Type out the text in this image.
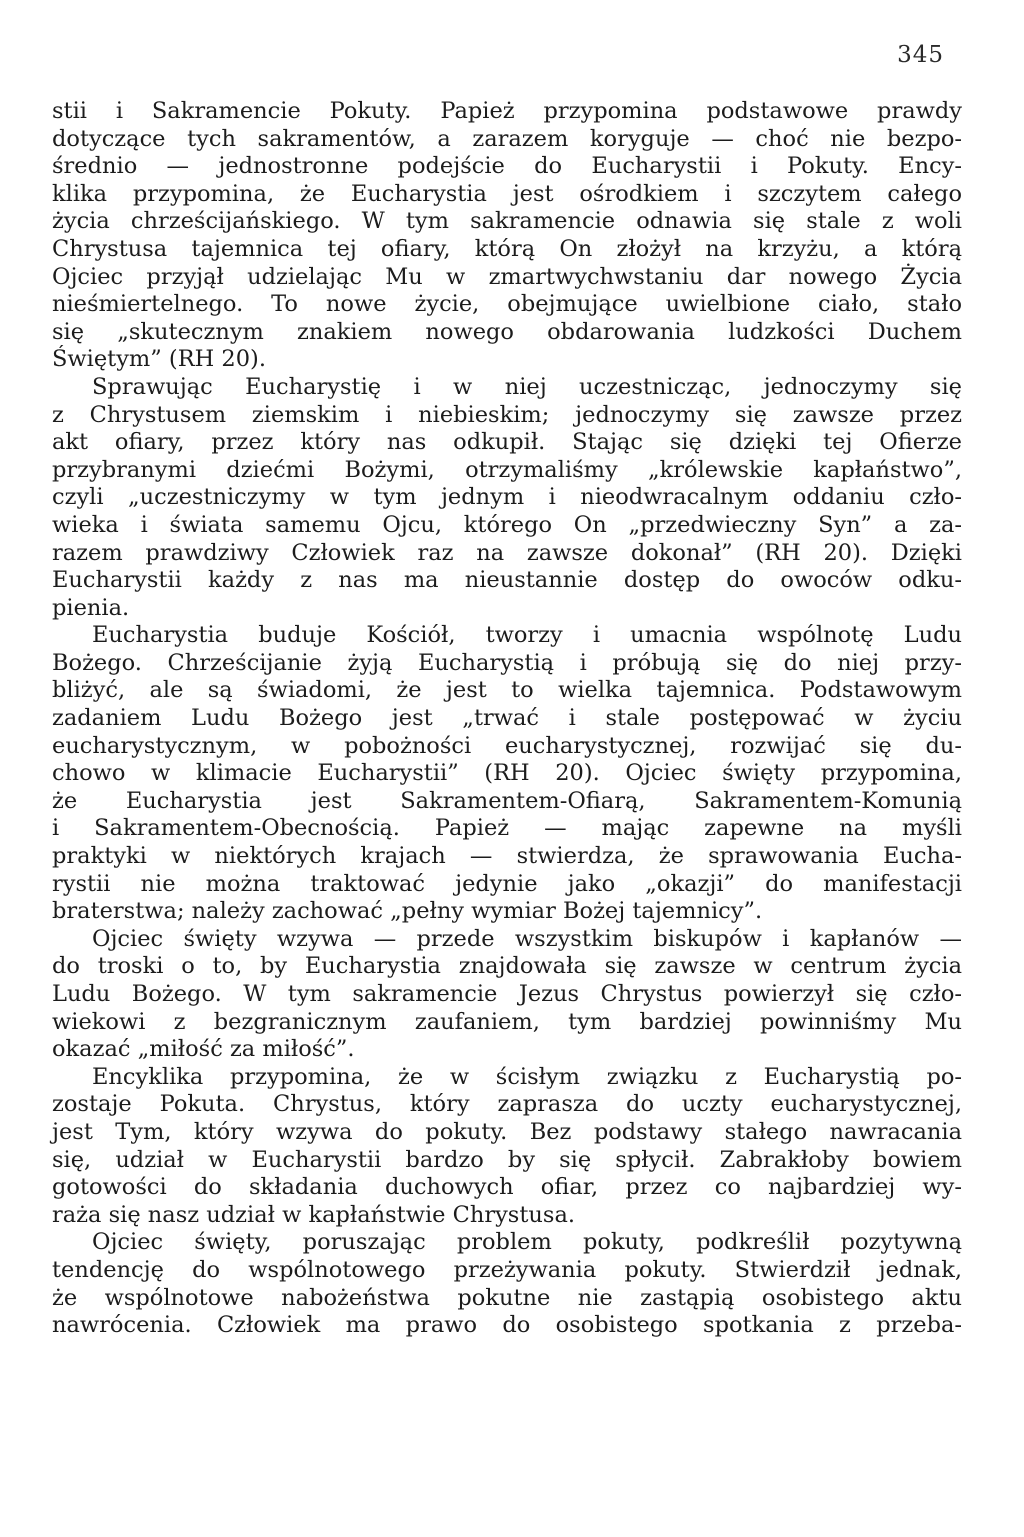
345
stii i Sakramencie Pokuty. Papież przypomina podstawowe prawdy
dotyczące tych sakramentów, a zarazem koryguje — choć nie bezpo-
średnio — jednostronne podejście do Eucharystii i Pokuty. Ency-
klika przypomina, że Eucharystia jest ośrodkiem i szczytem całego
życia chrześcijańskiego. W tym sakramencie odnawia się stale z woli
Chrystusa tajemnica tej ofiary, którą On złożył na krzyżu, a którą
Ojciec przyjął udzielając Mu w zmartwychwstaniu dar nowego Życia
nieśmiertelnego. To nowe życie, obejmujące uwielbione ciało, stało
się „skutecznym znakiem nowego obdarowania ludzkości Duchem
Świętym” (RH 20).
Sprawując Eucharystię i w niej uczestnicząc, jednoczymy się
z Chrystusem ziemskim i niebieskim; jednoczymy się zawsze przez
akt ofiary, przez który nas odkupił. Stając się dzięki tej Ofierze
przybranymi dziećmi Bożymi, otrzymaliśmy „królewskie kapłaństwo”,
czyli „uczestniczymy w tym jednym i nieodwracalnym oddaniu czło-
wieka i świata samemu Ojcu, którego On „przedwieczny Syn” a za-
razem prawdziwy Człowiek raz na zawsze dokonał” (RH 20). Dzięki
Eucharystii każdy z nas ma nieustannie dostęp do owoców odku-
pienia.
Eucharystia buduje Kościół, tworzy i umacnia wspólnotę Ludu
Bożego. Chrześcijanie żyją Eucharystią i próbują się do niej przy-
bliżyć, ale są świadomi, że jest to wielka tajemnica. Podstawowym
zadaniem Ludu Bożego jest „trwać i stale postępować w życiu
eucharystycznym, w pobożności eucharystycznej, rozwijać się du-
chowo w klimacie Eucharystii” (RH 20). Ojciec święty przypomina,
że Eucharystia jest Sakramentem-Ofiarą, Sakramentem-Komunią
i Sakramentem-Obecnością. Papież — mając zapewne na myśli
praktyki w niektórych krajach — stwierdza, że sprawowania Eucha-
rystii nie można traktować jedynie jako „okazji” do manifestacji
braterstwa; należy zachować „pełny wymiar Bożej tajemnicy”.
Ojciec święty wzywa — przede wszystkim biskupów i kapłanów —
do troski o to, by Eucharystia znajdowała się zawsze w centrum życia
Ludu Bożego. W tym sakramencie Jezus Chrystus powierzył się czło-
wiekowi z bezgranicznym zaufaniem, tym bardziej powinniśmy Mu
okazać „miłość za miłość”.
Encyklika przypomina, że w ścisłym związku z Eucharystią po-
zostaje Pokuta. Chrystus, który zaprasza do uczty eucharystycznej,
jest Tym, który wzywa do pokuty. Bez podstawy stałego nawracania
się, udział w Eucharystii bardzo by się spłycił. Zabrakłoby bowiem
gotowości do składania duchowych ofiar, przez co najbardziej wy-
raża się nasz udział w kapłaństwie Chrystusa.
Ojciec święty, poruszając problem pokuty, podkreślił pozytywną
tendencję do wspólnotowego przeżywania pokuty. Stwierdził jednak,
że wspólnotowe nabożeństwa pokutne nie zastąpią osobistego aktu
nawrócenia. Człowiek ma prawo do osobistego spotkania z przeba-
